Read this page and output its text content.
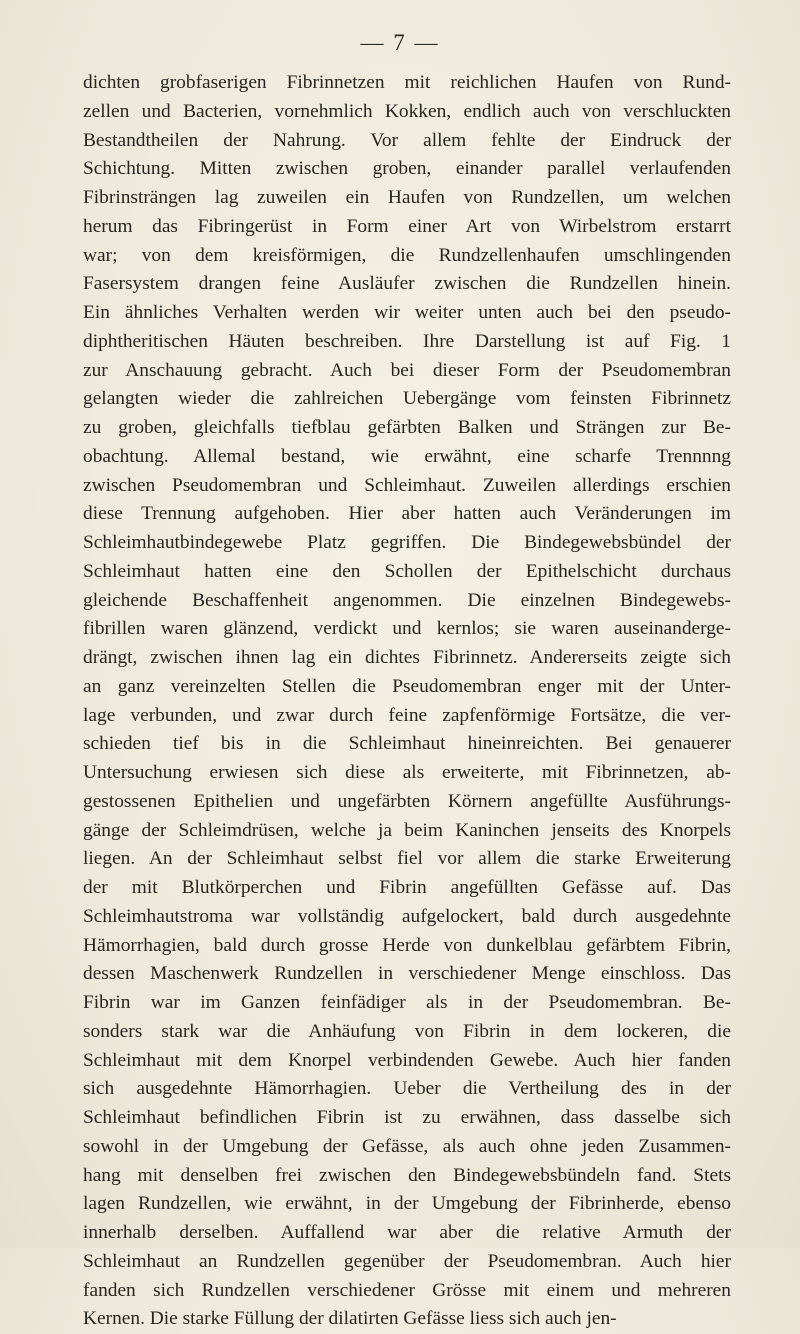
— 7 —
dichten grobfaserigen Fibrinnetzen mit reichlichen Haufen von Rund-
zellen und Bacterien, vornehmlich Kokken, endlich auch von verschluckten
Bestandtheilen der Nahrung. Vor allem fehlte der Eindruck der
Schichtung. Mitten zwischen groben, einander parallel verlaufenden
Fibrinsträngen lag zuweilen ein Haufen von Rundzellen, um welchen
herum das Fibringerüst in Form einer Art von Wirbelstrom erstarrt
war; von dem kreisförmigen, die Rundzellenhaufen umschlingenden
Fasersystem drangen feine Ausläufer zwischen die Rundzellen hinein.
Ein ähnliches Verhalten werden wir weiter unten auch bei den pseudo-
diphtheritischen Häuten beschreiben. Ihre Darstellung ist auf Fig. 1
zur Anschauung gebracht. Auch bei dieser Form der Pseudomembran
gelangten wieder die zahlreichen Uebergänge vom feinsten Fibrinnetz
zu groben, gleichfalls tiefblau gefärbten Balken und Strängen zur Be-
obachtung. Allemal bestand, wie erwähnt, eine scharfe Trennnng
zwischen Pseudomembran und Schleimhaut. Zuweilen allerdings erschien
diese Trennung aufgehoben. Hier aber hatten auch Veränderungen im
Schleimhautbindegewebe Platz gegriffen. Die Bindegewebsbündel der
Schleimhaut hatten eine den Schollen der Epithelschicht durchaus
gleichende Beschaffenheit angenommen. Die einzelnen Bindegewebs-
fibrillen waren glänzend, verdickt und kernlos; sie waren auseinanderge-
drängt, zwischen ihnen lag ein dichtes Fibrinnetz. Andererseits zeigte sich
an ganz vereinzelten Stellen die Pseudomembran enger mit der Unter-
lage verbunden, und zwar durch feine zapfenförmige Fortsätze, die ver-
schieden tief bis in die Schleimhaut hineinreichten. Bei genauerer
Untersuchung erwiesen sich diese als erweiterte, mit Fibrinnetzen, ab-
gestossenen Epithelien und ungefärbten Körnern angefüllte Ausführungs-
gänge der Schleimdrüsen, welche ja beim Kaninchen jenseits des Knorpels
liegen. An der Schleimhaut selbst fiel vor allem die starke Erweiterung
der mit Blutkörperchen und Fibrin angefüllten Gefässe auf. Das
Schleimhautstroma war vollständig aufgelockert, bald durch ausgedehnte
Hämorrhagien, bald durch grosse Herde von dunkelblau gefärbtem Fibrin,
dessen Maschenwerk Rundzellen in verschiedener Menge einschloss. Das
Fibrin war im Ganzen feinfädiger als in der Pseudomembran. Be-
sonders stark war die Anhäufung von Fibrin in dem lockeren, die
Schleimhaut mit dem Knorpel verbindenden Gewebe. Auch hier fanden
sich ausgedehnte Hämorrhagien. Ueber die Vertheilung des in der
Schleimhaut befindlichen Fibrin ist zu erwähnen, dass dasselbe sich
sowohl in der Umgebung der Gefässe, als auch ohne jeden Zusammen-
hang mit denselben frei zwischen den Bindegewebsbündeln fand. Stets
lagen Rundzellen, wie erwähnt, in der Umgebung der Fibrinherde, ebenso
innerhalb derselben. Auffallend war aber die relative Armuth der
Schleimhaut an Rundzellen gegenüber der Pseudomembran. Auch hier
fanden sich Rundzellen verschiedener Grösse mit einem und mehreren
Kernen. Die starke Füllung der dilatirten Gefässe liess sich auch jen-
